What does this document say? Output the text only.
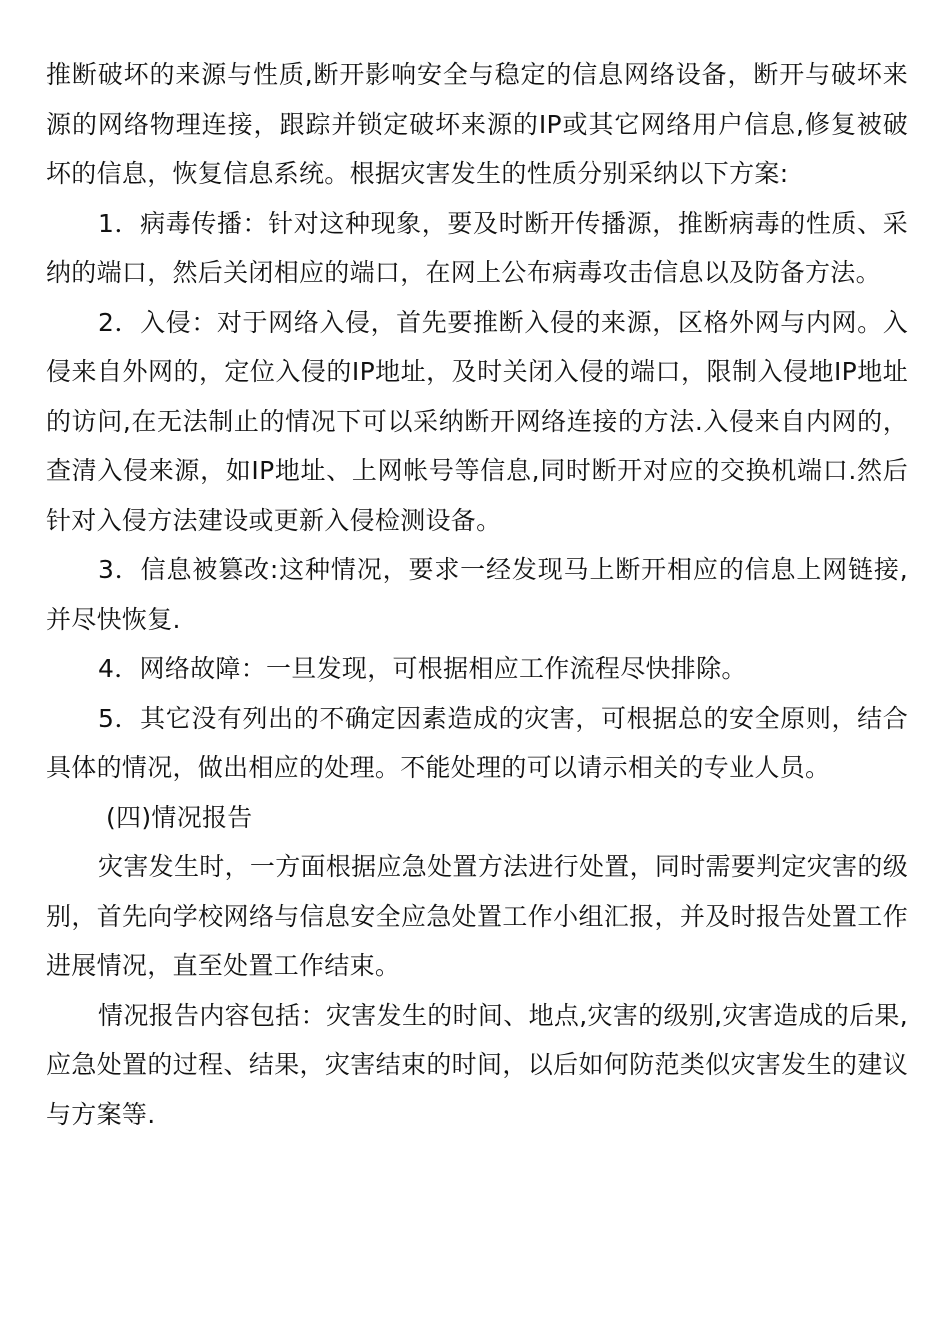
推断破坏的来源与性质,断开影响安全与稳定的信息网络设备，断开与破坏来源的网络物理连接，跟踪并锁定破坏来源的IP或其它网络用户信息,修复被破坏的信息，恢复信息系统。根据灾害发生的性质分别采纳以下方案:

1．病毒传播：针对这种现象，要及时断开传播源，推断病毒的性质、采纳的端口，然后关闭相应的端口，在网上公布病毒攻击信息以及防备方法。

2．入侵：对于网络入侵，首先要推断入侵的来源，区格外网与内网。入侵来自外网的，定位入侵的IP地址，及时关闭入侵的端口，限制入侵地IP地址的访问,在无法制止的情况下可以采纳断开网络连接的方法.入侵来自内网的，查清入侵来源，如IP地址、上网帐号等信息,同时断开对应的交换机端口.然后针对入侵方法建设或更新入侵检测设备。

3．信息被篡改:这种情况，要求一经发现马上断开相应的信息上网链接,并尽快恢复.

4．网络故障：一旦发现，可根据相应工作流程尽快排除。

5．其它没有列出的不确定因素造成的灾害，可根据总的安全原则，结合具体的情况，做出相应的处理。不能处理的可以请示相关的专业人员。

(四)情况报告

灾害发生时，一方面根据应急处置方法进行处置，同时需要判定灾害的级别，首先向学校网络与信息安全应急处置工作小组汇报，并及时报告处置工作进展情况，直至处置工作结束。

情况报告内容包括：灾害发生的时间、地点,灾害的级别,灾害造成的后果,应急处置的过程、结果，灾害结束的时间，以后如何防范类似灾害发生的建议与方案等.
